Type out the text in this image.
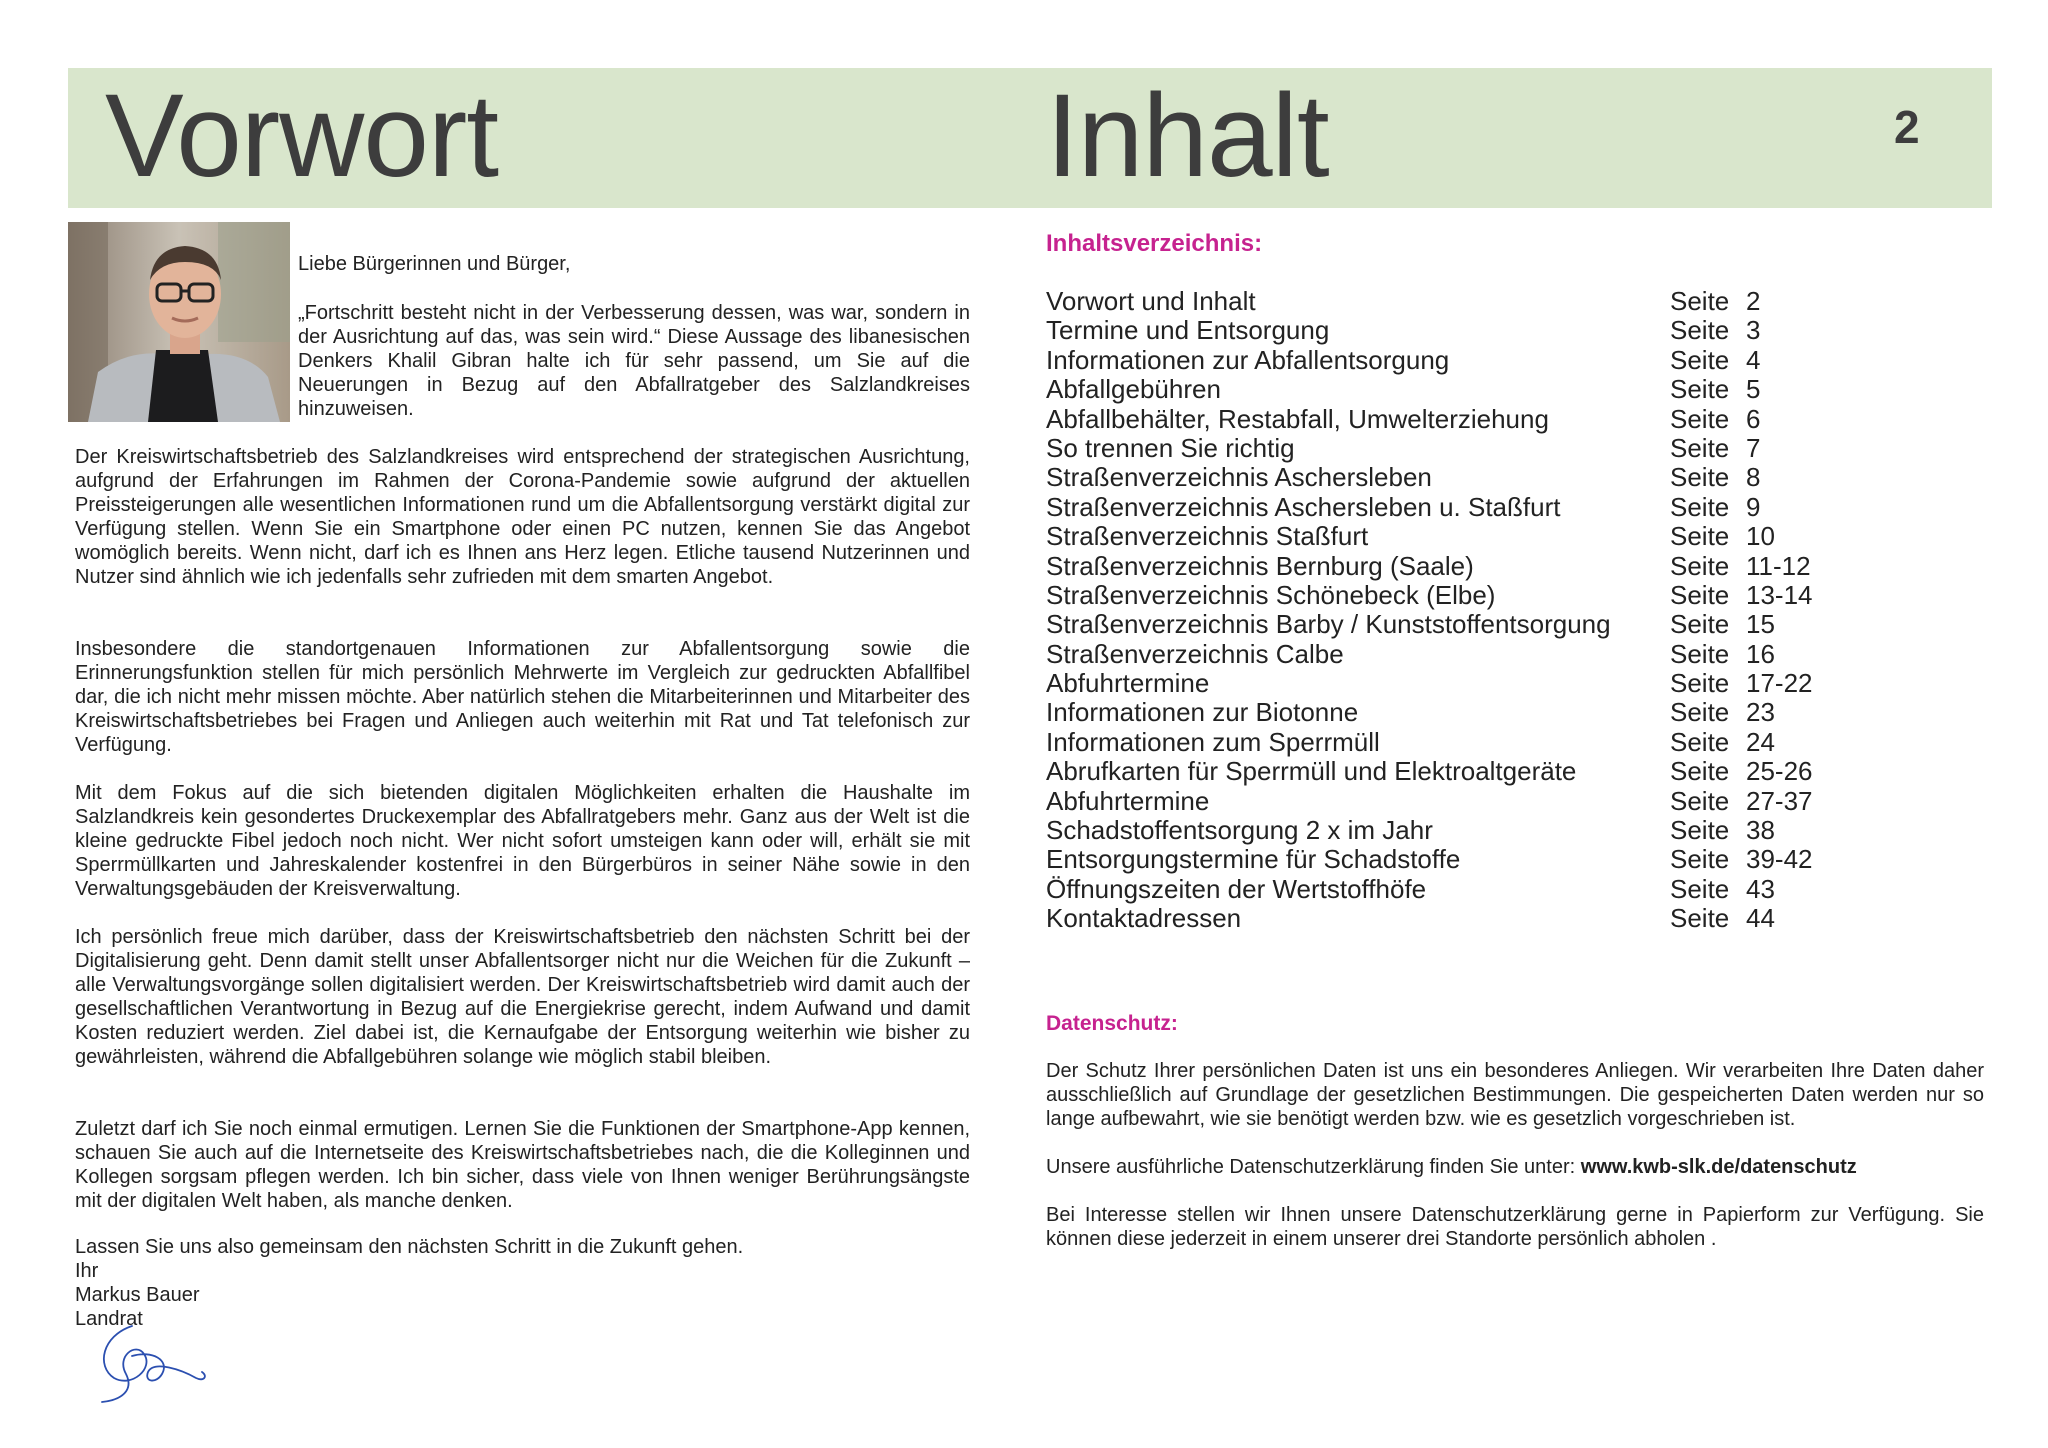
Vorwort	Inhalt	2
Liebe Bürgerinnen und Bürger,

„Fortschritt besteht nicht in der Verbesserung dessen, was war, sondern in der Ausrichtung auf das, was sein wird.“ Diese Aussage des libanesischen Denkers Khalil Gibran halte ich für sehr passend, um Sie auf die Neuerungen in Bezug auf den Abfallratgeber des Salzlandkreises hinzuweisen.

Der Kreiswirtschaftsbetrieb des Salzlandkreises wird entsprechend der strategischen Ausrichtung, aufgrund der Erfahrungen im Rahmen der Corona-Pandemie sowie aufgrund der aktuellen Preissteigerungen alle wesentlichen Informationen rund um die Abfallentsorgung verstärkt digital zur Verfügung stellen. Wenn Sie ein Smartphone oder einen PC nutzen, kennen Sie das Angebot womöglich bereits. Wenn nicht, darf ich es Ihnen ans Herz legen. Etliche tausend Nutzerinnen und Nutzer sind ähnlich wie ich jedenfalls sehr zufrieden mit dem smarten Angebot.

Insbesondere die standortgenauen Informationen zur Abfallentsorgung sowie die Erinnerungsfunktion stellen für mich persönlich Mehrwerte im Vergleich zur gedruckten Abfallfibel dar, die ich nicht mehr missen möchte. Aber natürlich stehen die Mitarbeiterinnen und Mitarbeiter des Kreiswirtschaftsbetriebes bei Fragen und Anliegen auch weiterhin mit Rat und Tat telefonisch zur Verfügung.

Mit dem Fokus auf die sich bietenden digitalen Möglichkeiten erhalten die Haushalte im Salzlandkreis kein gesondertes Druckexemplar des Abfallratgebers mehr. Ganz aus der Welt ist die kleine gedruckte Fibel jedoch noch nicht. Wer nicht sofort umsteigen kann oder will, erhält sie mit Sperrmüllkarten und Jahreskalender kostenfrei in den Bürgerbüros in seiner Nähe sowie in den Verwaltungsgebäuden der Kreisverwaltung.

Ich persönlich freue mich darüber, dass der Kreiswirtschaftsbetrieb den nächsten Schritt bei der Digitalisierung geht. Denn damit stellt unser Abfallentsorger nicht nur die Weichen für die Zukunft – alle Verwaltungsvorgänge sollen digitalisiert werden. Der Kreiswirtschaftsbetrieb wird damit auch der gesellschaftlichen Verantwortung in Bezug auf die Energiekrise gerecht, indem Aufwand und damit Kosten reduziert werden. Ziel dabei ist, die Kernaufgabe der Entsorgung weiterhin wie bisher zu gewährleisten, während die Abfallgebühren solange wie möglich stabil bleiben.

Zuletzt darf ich Sie noch einmal ermutigen. Lernen Sie die Funktionen der Smartphone-App kennen, schauen Sie auch auf die Internetseite des Kreiswirtschaftsbetriebes nach, die die Kolleginnen und Kollegen sorgsam pflegen werden. Ich bin sicher, dass viele von Ihnen weniger Berührungsängste mit der digitalen Welt haben, als manche denken.

Lassen Sie uns also gemeinsam den nächsten Schritt in die Zukunft gehen.

Ihr
Markus Bauer
Landrat
Inhaltsverzeichnis:
Vorwort und Inhalt	Seite 2
Termine und Entsorgung	Seite 3
Informationen zur Abfallentsorgung	Seite 4
Abfallgebühren	Seite 5
Abfallbehälter, Restabfall, Umwelterziehung	Seite 6
So trennen Sie richtig	Seite 7
Straßenverzeichnis Aschersleben	Seite 8
Straßenverzeichnis Aschersleben u. Staßfurt	Seite 9
Straßenverzeichnis Staßfurt	Seite 10
Straßenverzeichnis Bernburg (Saale)	Seite 11-12
Straßenverzeichnis Schönebeck (Elbe)	Seite 13-14
Straßenverzeichnis Barby / Kunststoffentsorgung Seite 15
Straßenverzeichnis Calbe	Seite 16
Abfuhrtermine	Seite 17-22
Informationen zur Biotonne	Seite 23
Informationen zum Sperrmüll	Seite 24
Abrufkarten für Sperrmüll und Elektroaltgeräte	Seite 25-26
Abfuhrtermine	Seite 27-37
Schadstoffentsorgung 2 x im Jahr	Seite 38
Entsorgungstermine für Schadstoffe	Seite 39-42
Öffnungszeiten der Wertstoffhöfe	Seite 43
Kontaktadressen	Seite 44
Datenschutz:

Der Schutz Ihrer persönlichen Daten ist uns ein besonderes Anliegen. Wir verarbeiten Ihre Daten daher ausschließlich auf Grundlage der gesetzlichen Bestimmungen. Die gespeicherten Daten werden nur so lange aufbewahrt, wie sie benötigt werden bzw. wie es gesetzlich vorgeschrieben ist.

Unsere ausführliche Datenschutzerklärung finden Sie unter: www.kwb-slk.de/datenschutz

Bei Interesse stellen wir Ihnen unsere Datenschutzerklärung gerne in Papierform zur Verfügung. Sie können diese jederzeit in einem unserer drei Standorte persönlich abholen .
